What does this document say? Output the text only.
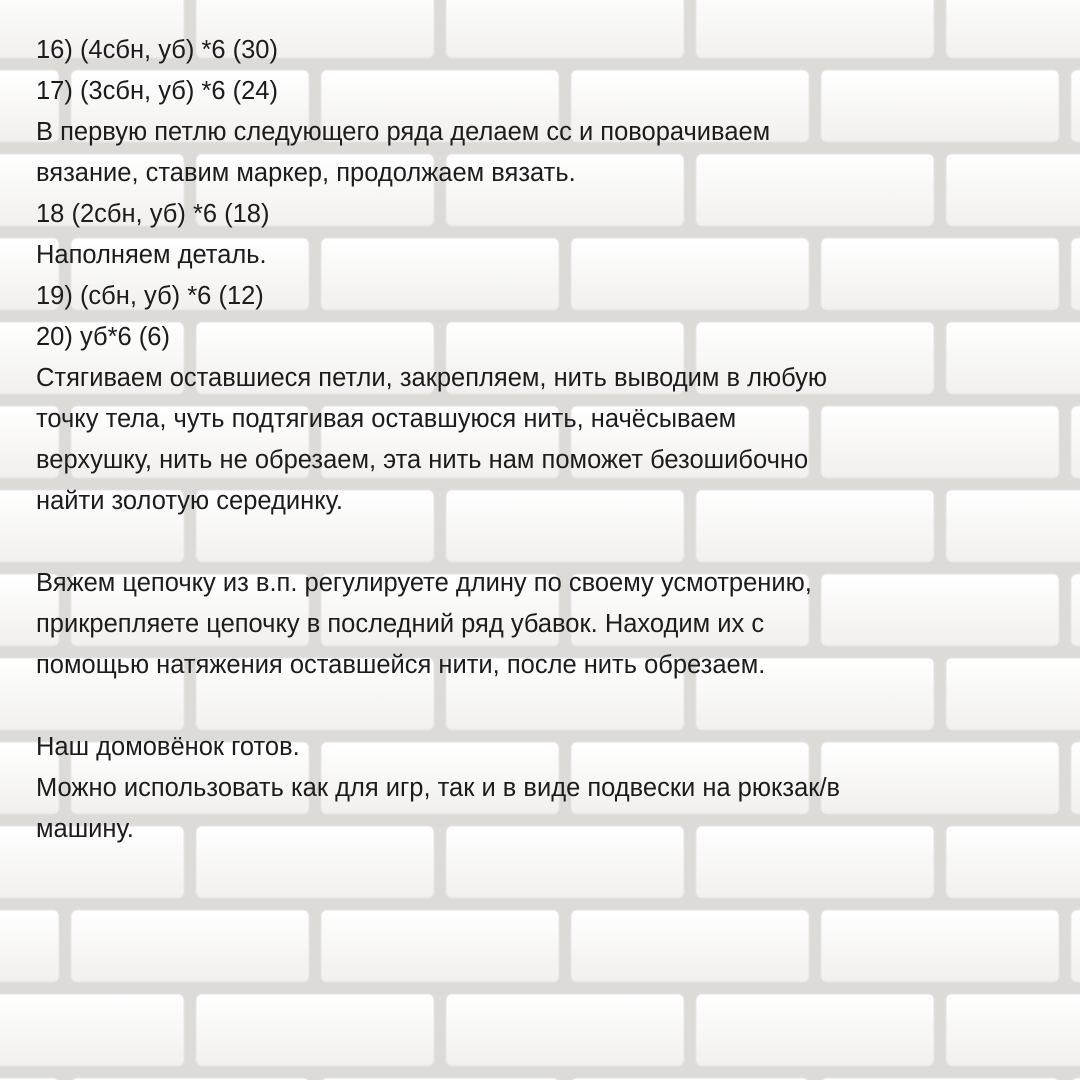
16) (4сбн, уб) *6 (30)
17) (3сбн, уб) *6 (24)
В первую петлю следующего ряда делаем сс и поворачиваем
вязание, ставим маркер, продолжаем вязать.
18 (2сбн, уб) *6 (18)
Наполняем деталь.
19) (сбн, уб) *6 (12)
20) уб*6 (6)
Стягиваем оставшиеся петли, закрепляем, нить выводим в любую
точку тела, чуть подтягивая оставшуюся нить, начёсываем
верхушку, нить не обрезаем, эта нить нам поможет безошибочно
найти золотую серединку.
Вяжем цепочку из в.п. регулируете длину по своему усмотрению,
прикрепляете цепочку в последний ряд убавок. Находим их с
помощью натяжения оставшейся нити, после нить обрезаем.
Наш домовёнок готов.
Можно использовать как для игр, так и в виде подвески на рюкзак/в
машину.
